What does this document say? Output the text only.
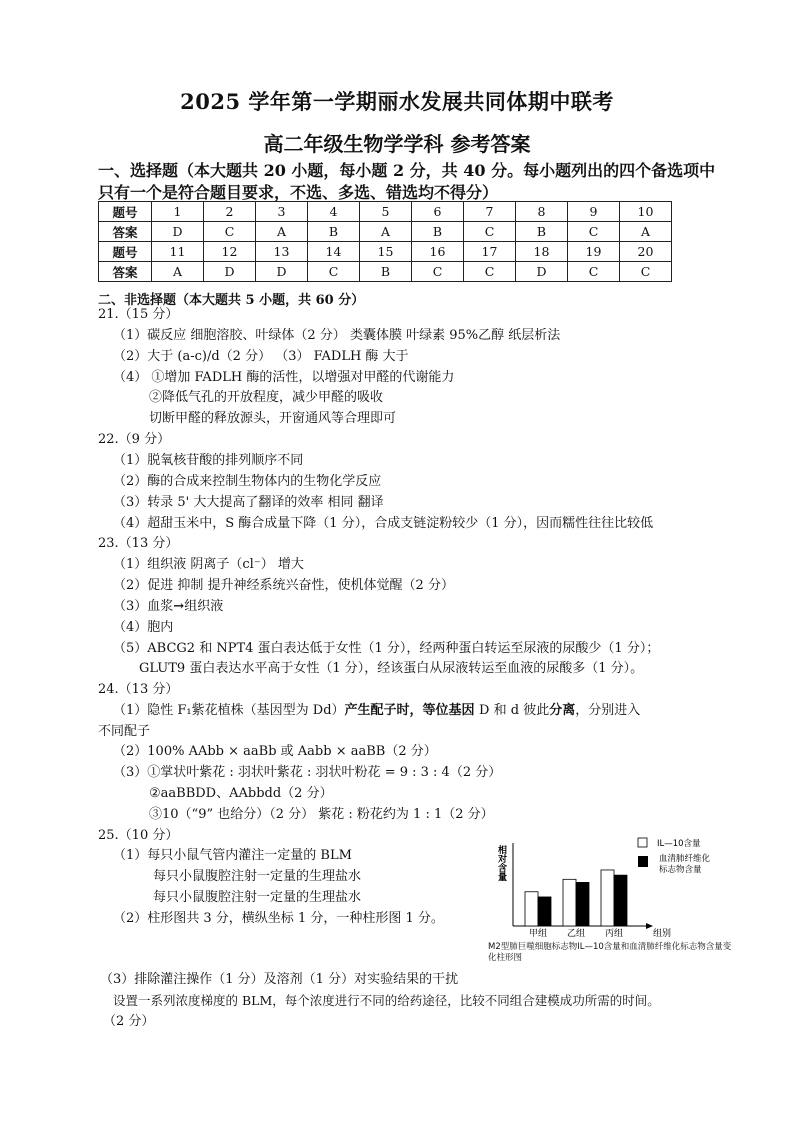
2025 学年第一学期丽水发展共同体期中联考
高二年级生物学学科 参考答案
一、选择题（本大题共 20 小题，每小题 2 分，共 40 分。每小题列出的四个备选项中
只有一个是符合题目要求，不选、多选、错选均不得分）
题号	1	2	3	4	5	6	7	8	9	10
答案	D	C	A	B	A	B	C	B	C	A
题号	11	12	13	14	15	16	17	18	19	20
答案	A	D	D	C	B	C	C	D	C	C
二、非选择题（本大题共 5 小题，共 60 分）
21.（15 分）
（1）碳反应 细胞溶胶、叶绿体（2 分） 类囊体膜 叶绿素 95%乙醇 纸层析法
（2）大于 (a-c)/d（2 分） （3） FADLH 酶 大于
（4） ①增加 FADLH 酶的活性，以增强对甲醛的代谢能力
②降低气孔的开放程度，减少甲醛的吸收
切断甲醛的释放源头，开窗通风等合理即可
22.（9 分）
（1）脱氧核苷酸的排列顺序不同
（2）酶的合成来控制生物体内的生物化学反应
（3）转录 5' 大大提高了翻译的效率 相同 翻译
（4）超甜玉米中，S 酶合成量下降（1 分），合成支链淀粉较少（1 分），因而糯性往往比较低
23.（13 分）
（1）组织液 阴离子（cl⁻） 增大
（2）促进 抑制 提升神经系统兴奋性，使机体觉醒（2 分）
（3）血浆→组织液
（4）胞内
（5）ABCG2 和 NPT4 蛋白表达低于女性（1 分），经两种蛋白转运至尿液的尿酸少（1 分）；
GLUT9 蛋白表达水平高于女性（1 分），经该蛋白从尿液转运至血液的尿酸多（1 分）。
24.（13 分）
（1）隐性 F₁紫花植株（基因型为 Dd）产生配子时，等位基因 D 和 d 彼此分离，分别进入
不同配子
（2）100% AAbb × aaBb 或 Aabb × aaBB（2 分）
（3）①掌状叶紫花 : 羽状叶紫花 : 羽状叶粉花 = 9 : 3 : 4（2 分）
②aaBBDD、AAbbdd（2 分）
③10（“9” 也给分）（2 分） 紫花 : 粉花约为 1 : 1（2 分）
25.（10 分）
（1）每只小鼠气管内灌注一定量的 BLM
每只小鼠腹腔注射一定量的生理盐水
每只小鼠腹腔注射一定量的生理盐水
（2）柱形图共 3 分，横纵坐标 1 分，一种柱形图 1 分。
（3）排除灌注操作（1 分）及溶剂（1 分）对实验结果的干扰
设置一系列浓度梯度的 BLM，每个浓度进行不同的给药途径，比较不同组合建模成功所需的时间。
（2 分）
相对含量
甲组 乙组 丙组	组别
IL—10含量
血清肺纤维化 标志物含量
M2型肺巨噬细胞标志物IL—10含量和血清肺纤维化标志物含量变化柱形图
